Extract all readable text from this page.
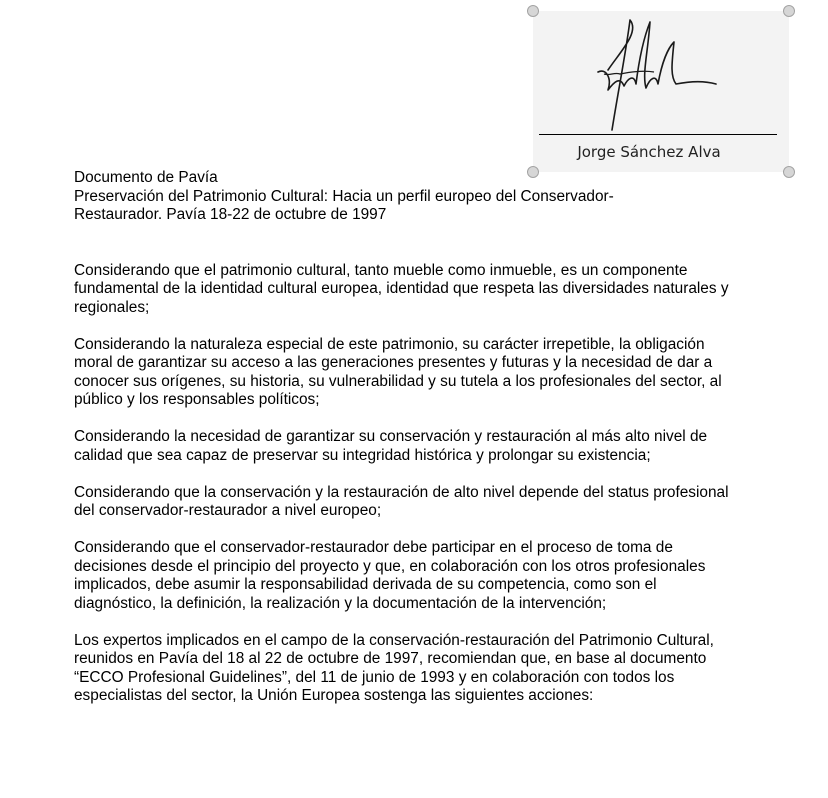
Jorge Sánchez Alva

Documento de Pavía

Preservación del Patrimonio Cultural: Hacia un perfil europeo del Conservador-
Restaurador. Pavía 18-22 de octubre de 1997

Considerando que el patrimonio cultural, tanto mueble como inmueble, es un componente fundamental de la identidad cultural europea, identidad que respeta las diversidades naturales y regionales;

Considerando la naturaleza especial de este patrimonio, su carácter irrepetible, la obligación moral de garantizar su acceso a las generaciones presentes y futuras y la necesidad de dar a conocer sus orígenes, su historia, su vulnerabilidad y su tutela a los profesionales del sector, al público y los responsables políticos;

Considerando la necesidad de garantizar su conservación y restauración al más alto nivel de calidad que sea capaz de preservar su integridad histórica y prolongar su existencia;

Considerando que la conservación y la restauración de alto nivel depende del status profesional del conservador-restaurador a nivel europeo;

Considerando que el conservador-restaurador debe participar en el proceso de toma de decisiones desde el principio del proyecto y que, en colaboración con los otros profesionales implicados, debe asumir la responsabilidad derivada de su competencia, como son el diagnóstico, la definición, la realización y la documentación de la intervención;

Los expertos implicados en el campo de la conservación-restauración del Patrimonio Cultural, reunidos en Pavía del 18 al 22 de octubre de 1997, recomiendan que, en base al documento “ECCO Profesional Guidelines”, del 11 de junio de 1993 y en colaboración con todos los especialistas del sector, la Unión Europea sostenga las siguientes acciones:
